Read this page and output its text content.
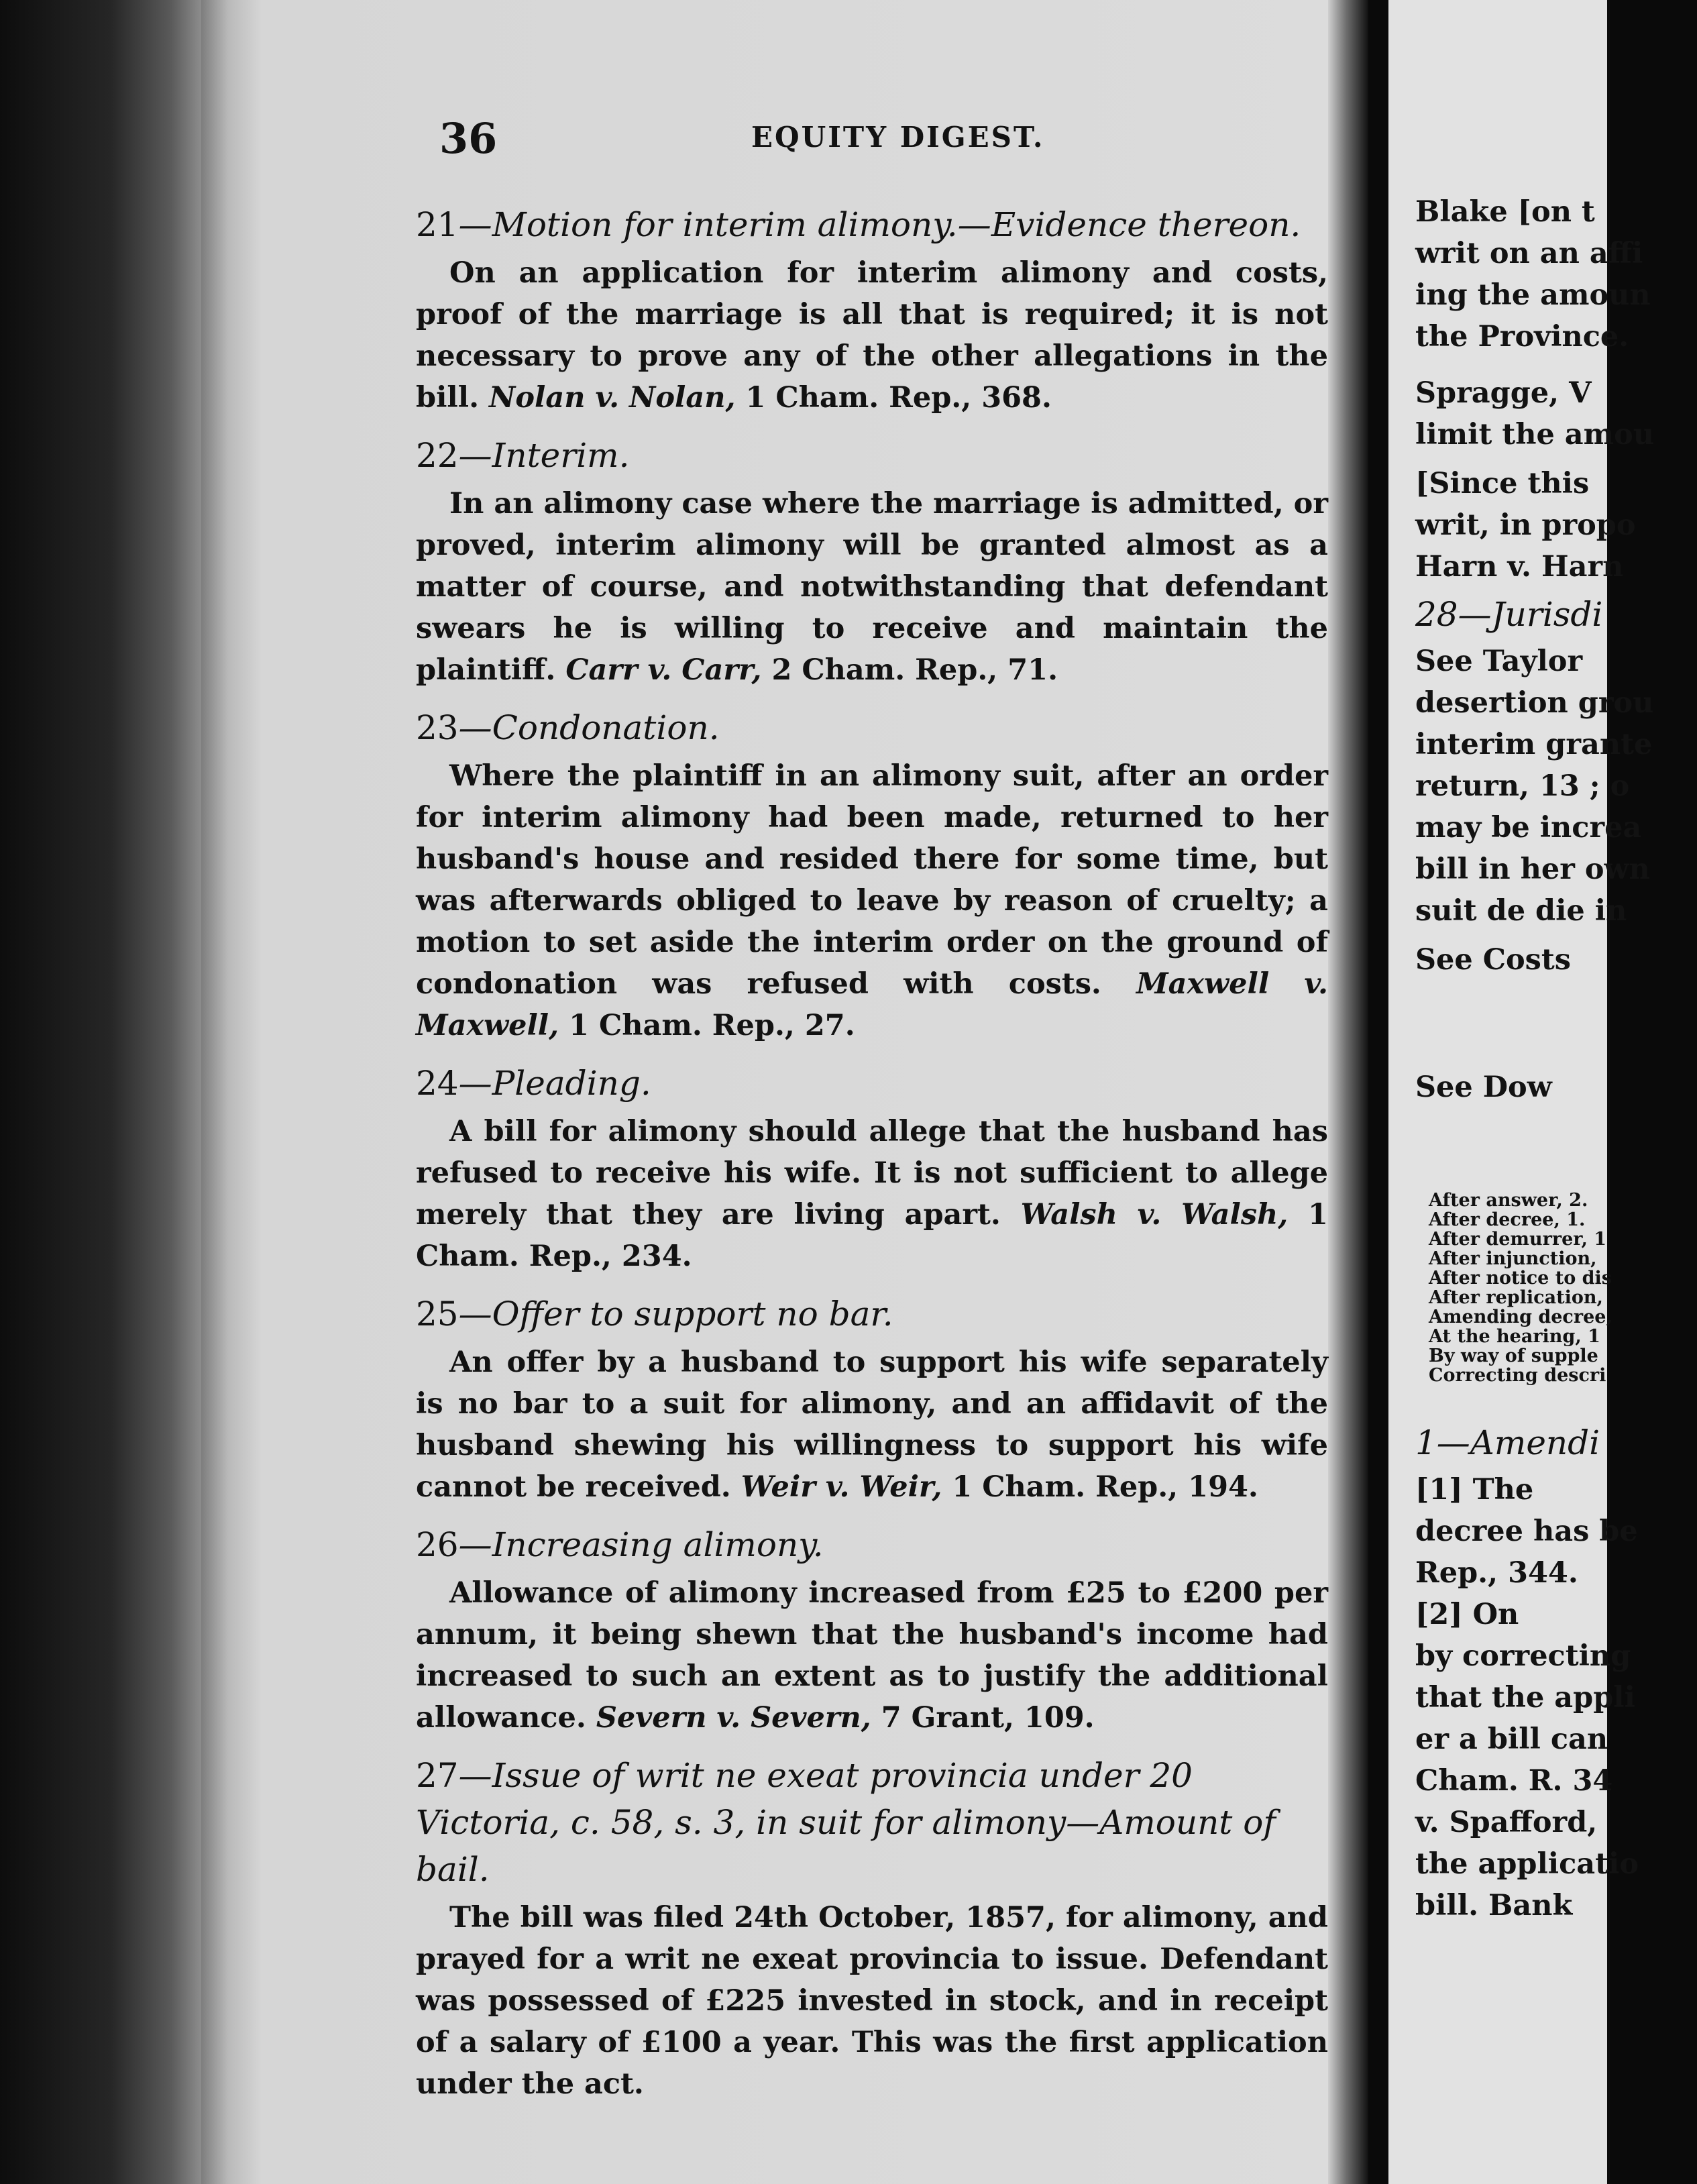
36	EQUITY DIGEST.
21—Motion for interim alimony.—Evidence thereon.
On an application for interim alimony and costs, proof of the marriage is all that is required; it is not necessary to prove any of the other allegations in the bill. Nolan v. Nolan, 1 Cham. Rep., 368.
22—Interim.
In an alimony case where the marriage is admitted, or proved, interim alimony will be granted almost as a matter of course, and notwithstanding that defendant swears he is willing to receive and maintain the plaintiff. Carr v. Carr, 2 Cham. Rep., 71.
23—Condonation.
Where the plaintiff in an alimony suit, after an order for interim alimony had been made, returned to her husband's house and resided there for some time, but was afterwards obliged to leave by reason of cruelty; a motion to set aside the interim order on the ground of condonation was refused with costs. Maxwell v. Maxwell, 1 Cham. Rep., 27.
24—Pleading.
A bill for alimony should allege that the husband has refused to receive his wife. It is not sufficient to allege merely that they are living apart. Walsh v. Walsh, 1 Cham. Rep., 234.
25—Offer to support no bar.
An offer by a husband to support his wife separately is no bar to a suit for alimony, and an affidavit of the husband shewing his willingness to support his wife cannot be received. Weir v. Weir, 1 Cham. Rep., 194.
26—Increasing alimony.
Allowance of alimony increased from £25 to £200 per annum, it being shewn that the husband's income had increased to such an extent as to justify the additional allowance. Severn v. Severn, 7 Grant, 109.
27—Issue of writ ne exeat provincia under 20 Victoria, c. 58, s. 3, in suit for alimony—Amount of bail.
The bill was filed 24th October, 1857, for alimony, and prayed for a writ ne exeat provincia to issue. Defendant was possessed of £225 invested in stock, and in receipt of a salary of £100 a year. This was the first application under the act.
Blake [on t
writ on an affi
ing the amoun
the Province.
Spragge, V
limit the amou
[Since this
writ, in propo
Harn v. Harn
28—Jurisdi
See Taylor
desertion grou
interim grante
return, 13 ; o
may be increa
bill in her own
suit de die in
See Costs
See Dow
After answer, 2.
After decree, 1.
After demurrer, 1
After injunction,
After notice to dis
After replication,
Amending decree,
At the hearing, 1
By way of supple
Correcting descri
1—Amendi
[1] The
decree has be
Rep., 344.
[2] On
by correcting
that the appli
er a bill can
Cham. R. 34
v. Spafford,
the applicatio
bill. Bank
